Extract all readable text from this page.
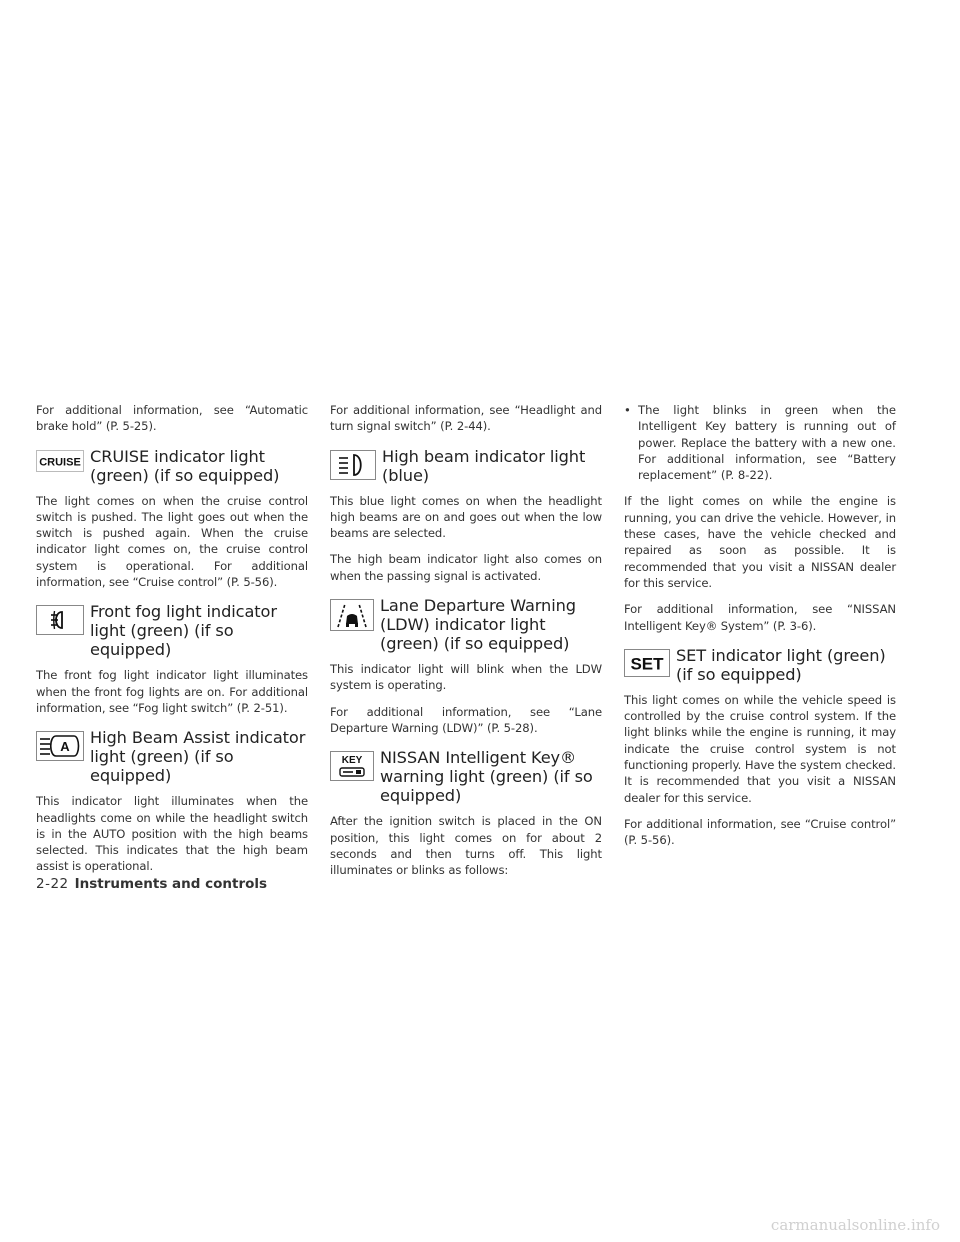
For additional information, see “Automatic brake hold” (P. 5-25).

CRUISE CRUISE indicator light (green) (if so equipped)

The light comes on when the cruise control switch is pushed. The light goes out when the switch is pushed again. When the cruise indicator light comes on, the cruise control system is operational. For additional information, see “Cruise control” (P. 5-56).

Front fog light indicator light (green) (if so equipped)

The front fog light indicator light illuminates when the front fog lights are on. For additional information, see “Fog light switch” (P. 2-51).

A High Beam Assist indicator light (green) (if so equipped)

This indicator light illuminates when the headlights come on while the headlight switch is in the AUTO position with the high beams selected. This indicates that the high beam assist is operational.

For additional information, see “Headlight and turn signal switch” (P. 2-44).

High beam indicator light (blue)

This blue light comes on when the headlight high beams are on and goes out when the low beams are selected.

The high beam indicator light also comes on when the passing signal is activated.

Lane Departure Warning (LDW) indicator light (green) (if so equipped)

This indicator light will blink when the LDW system is operating.

For additional information, see “Lane Departure Warning (LDW)” (P. 5-28).

KEY NISSAN Intelligent Key® warning light (green) (if so equipped)

After the ignition switch is placed in the ON position, this light comes on for about 2 seconds and then turns off. This light illuminates or blinks as follows:

• The light blinks in green when the Intelligent Key battery is running out of power. Replace the battery with a new one. For additional information, see “Battery replacement” (P. 8-22).

If the light comes on while the engine is running, you can drive the vehicle. However, in these cases, have the vehicle checked and repaired as soon as possible. It is recommended that you visit a NISSAN dealer for this service.

For additional information, see “NISSAN Intelligent Key® System” (P. 3-6).

SET SET indicator light (green) (if so equipped)

This light comes on while the vehicle speed is controlled by the cruise control system. If the light blinks while the engine is running, it may indicate the cruise control system is not functioning properly. Have the system checked. It is recommended that you visit a NISSAN dealer for this service.

For additional information, see “Cruise control” (P. 5-56).

2-22 Instruments and controls
carmanualsonline.info
